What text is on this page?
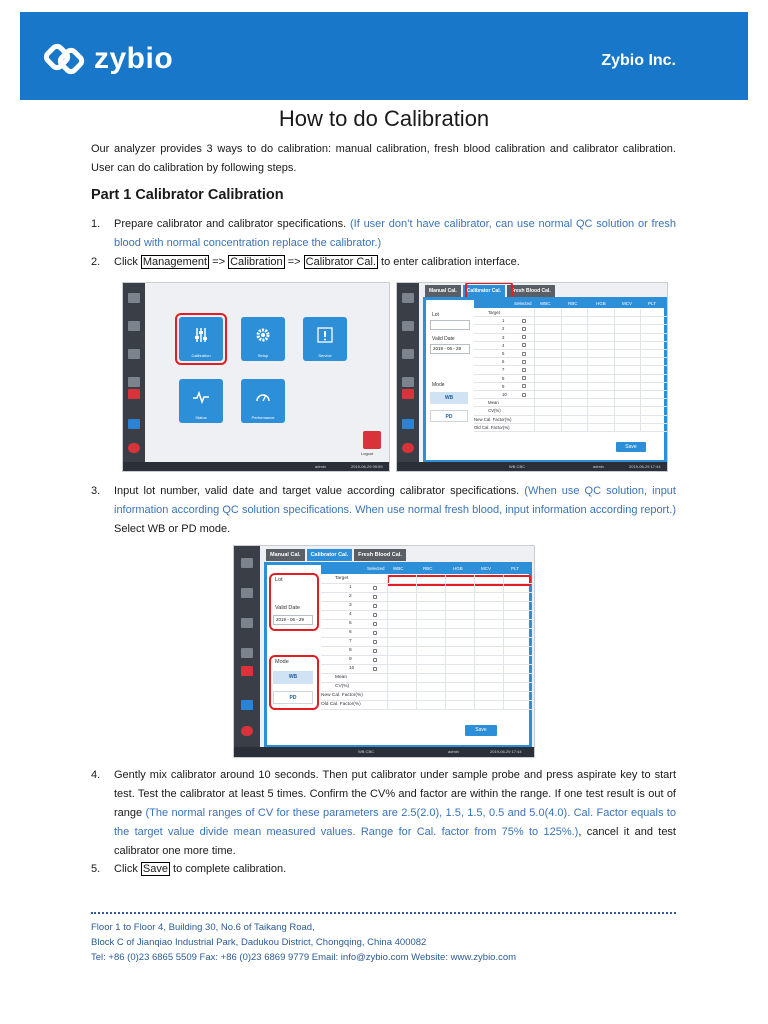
zybio	Zybio Inc.
How to do Calibration
Our analyzer provides 3 ways to do calibration: manual calibration, fresh blood calibration and calibrator calibration. User can do calibration by following steps.
Part 1 Calibrator Calibration
1. Prepare calibrator and calibrator specifications. (If user don’t have calibrator, can use normal QC solution or fresh blood with normal concentration replace the calibrator.)
2. Click Management => Calibration => Calibrator Cal. to enter calibration interface.
Calibration	Setup	Service
Status	Performance
Logout
admin	2019-06-29 09:59
Manual Cal.	Calibrator Cal.	Fresh Blood Cal.
Lot
Valid Date
2019 - 06 - 29
Mode
WB
PD
Selected WBC	RBC	HGB	MCV	PLT
Target
1
2
3
4
5
6
7
8
9
10
Mean
CV(%)
New Cal. Factor(%)
Old Cal. Factor(%)
Save
WB CBC	admin	2019-06-29 17:44
3. Input lot number, valid date and target value according calibrator specifications. (When use QC solution, input information according QC solution specifications. When use normal fresh blood, input information according report.) Select WB or PD mode.
Manual Cal.	Calibrator Cal.	Fresh Blood Cal.
Lot
Valid Date
2019 - 06 - 29
Mode
WB
PD
Selected WBC	RBC	HGB	MCV	PLT
Target
1
2
3
4
5
6
7
8
9
10
Mean
CV(%)
New Cal. Factor(%)
Old Cal. Factor(%)
Save
WB CBC	admin	2019-06-29 17:44
4. Gently mix calibrator around 10 seconds. Then put calibrator under sample probe and press aspirate key to start test. Test the calibrator at least 5 times. Confirm the CV% and factor are within the range. If one test result is out of range (The normal ranges of CV for these parameters are 2.5(2.0), 1.5, 1.5, 0.5 and 5.0(4.0). Cal. Factor equals to the target value divide mean measured values. Range for Cal. factor from 75% to 125%.), cancel it and test calibrator one more time.
5. Click Save to complete calibration.
Floor 1 to Floor 4, Building 30, No.6 of Taikang Road,
Block C of Jianqiao Industrial Park, Dadukou District, Chongqing, China 400082
Tel: +86 (0)23 6865 5509 Fax: +86 (0)23 6869 9779 Email: info@zybio.com Website: www.zybio.com
